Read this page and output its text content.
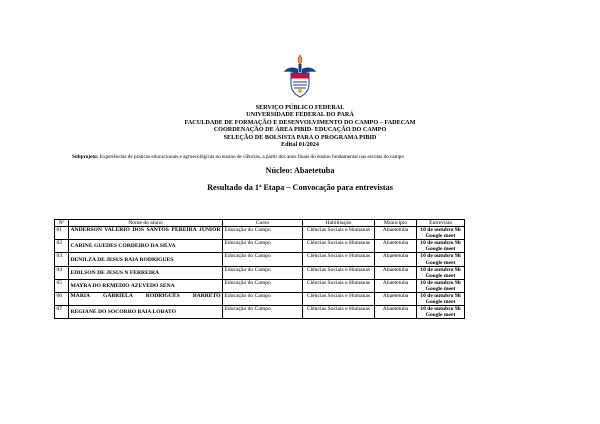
SERVIÇO PÚBLICO FEDERAL
UNIVERSIDADE FEDERAL DO PARÁ
FACULDADE DE FORMAÇÃO E DESENVOLVIMENTO DO CAMPO – FADECAM
COORDENAÇÃO DE ÁREA PIBID- EDUCAÇÃO DO CAMPO
SELEÇÃO DE BOLSISTA PARA O PROGRAMA PIBID
Edital 01/2024
Subprojeto: Experiências de práticas educacionais e agroecológicas no ensino de ciências, a partir dos anos finais do ensino fundamental nas escolas do campo
Núcleo: Abaetetuba
Resultado da 1ª Etapa – Convocação para entrevistas
Nº	Nome do aluno	Curso	Habilitação	Município	Entrevista
01	ANDERSON VALERIO DOS SANTOS PEREIRA JUNIOR	Educação do Campo	Ciências Sociais e Humanas	Abaetetuba	10 de outubro 9h
Google meet

02	CARINE GUEDES CORDEIRO DA SILVA	Educação do Campo	Ciências Sociais e Humanas	Abaetetuba	10 de outubro 9h
Google meet

03	DENILZA DE JESUS BAIA RODRIGUES	Educação do Campo	Ciências Sociais e Humanas	Abaetetuba	10 de outubro 9h
Google meet

04	EDILSON DE JESUS N FERREIRA	Educação do Campo	Ciências Sociais e Humanas	Abaetetuba	10 de outubro 9h
Google meet

05	MAYRA DO REMEDIO AZEVEDO SENA	Educação do Campo	Ciências Sociais e Humanas	Abaetetuba	10 de outubro 9h
Google meet

06	MARIA GABRIELA RODRIGUES BARRETO	Educação do Campo	Ciências Sociais e Humanas	Abaetetuba	10 de outubro 9h
Google meet

07	REGIANE DO SOCORRO BAIA LOBATO	Educação do Campo	Ciências Sociais e Humanas	Abaetetuba	10 de outubro 9h
Google meet
